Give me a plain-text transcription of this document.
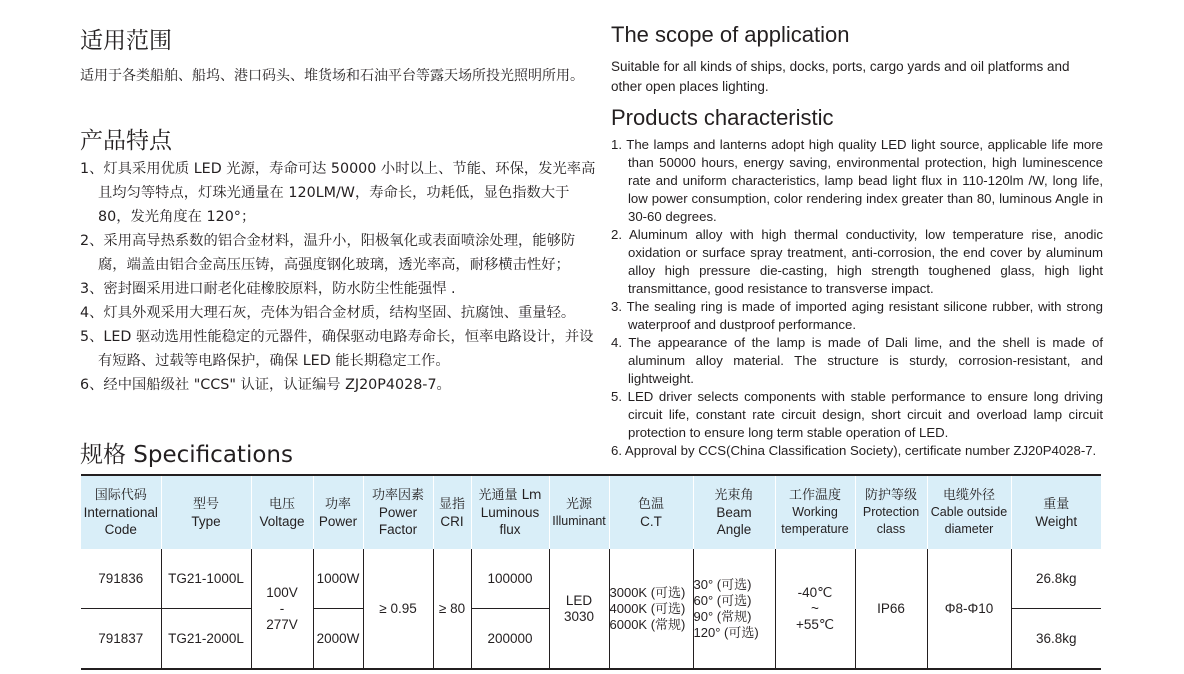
适用范围
适用于各类船舶、船坞、港口码头、堆货场和石油平台等露天场所投光照明所用。
产品特点
1、灯具采用优质 LED 光源，寿命可达 50000 小时以上、节能、环保，发光率高且均匀等特点，灯珠光通量在 120LM/W，寿命长，功耗低，显色指数大于 80，发光角度在 120°；
2、采用高导热系数的铝合金材料，温升小，阳极氧化或表面喷涂处理，能够防腐，端盖由铝合金高压压铸，高强度钢化玻璃，透光率高，耐移横击性好；
3、密封圈采用进口耐老化硅橡胶原料，防水防尘性能强悍 .
4、灯具外观采用大理石灰，壳体为铝合金材质，结构坚固、抗腐蚀、重量轻。
5、LED 驱动选用性能稳定的元器件，确保驱动电路寿命长，恒率电路设计，并设有短路、过载等电路保护，确保 LED 能长期稳定工作。
6、经中国船级社 "CCS" 认证，认证编号 ZJ20P4028-7。
规格 Specifications
The scope of application
Suitable for all kinds of ships, docks, ports, cargo yards and oil platforms and other open places lighting.
Products characteristic
1. The lamps and lanterns adopt high quality LED light source, applicable life more than 50000 hours, energy saving, environmental protection, high luminescence rate and uniform characteristics, lamp bead light flux in 110-120lm /W, long life, low power consumption, color rendering index greater than 80, luminous Angle in 30-60 degrees.
2. Aluminum alloy with high thermal conductivity, low temperature rise, anodic oxidation or surface spray treatment, anti-corrosion, the end cover by aluminum alloy high pressure die-casting, high strength toughened glass, high light transmittance, good resistance to transverse impact.
3. The sealing ring is made of imported aging resistant silicone rubber, with strong waterproof and dustproof performance.
4. The appearance of the lamp is made of Dali lime, and the shell is made of aluminum alloy material. The structure is sturdy, corrosion-resistant, and lightweight.
5. LED driver selects components with stable performance to ensure long driving circuit life, constant rate circuit design, short circuit and overload lamp circuit protection to ensure long term stable operation of LED.
6. Approval by CCS(China Classification Society), certificate number ZJ20P4028-7.
国际代码
International
Code	型号
Type	电压
Voltage	功率
Power	功率因素
Power
Factor	显指
CRI	光通量 Lm
Luminous
flux	光源
Illuminant	色温
C.T	光束角
Beam
Angle	工作温度
Working
temperature	防护等级
Protection
class	电缆外径
Cable outside
diameter	重量
Weight

791836	TG21-1000L	100V
-
277V	1000W	≥ 0.95	≥ 80	100000	LED
3030	3000K (可选)
4000K (可选)
6000K (常规)	30° (可选)
60° (可选)
90° (常规)
120° (可选)	-40℃
~
+55℃	IP66	Φ8-Φ10	26.8kg
791837	TG21-2000L		2000W			200000							36.8kg
